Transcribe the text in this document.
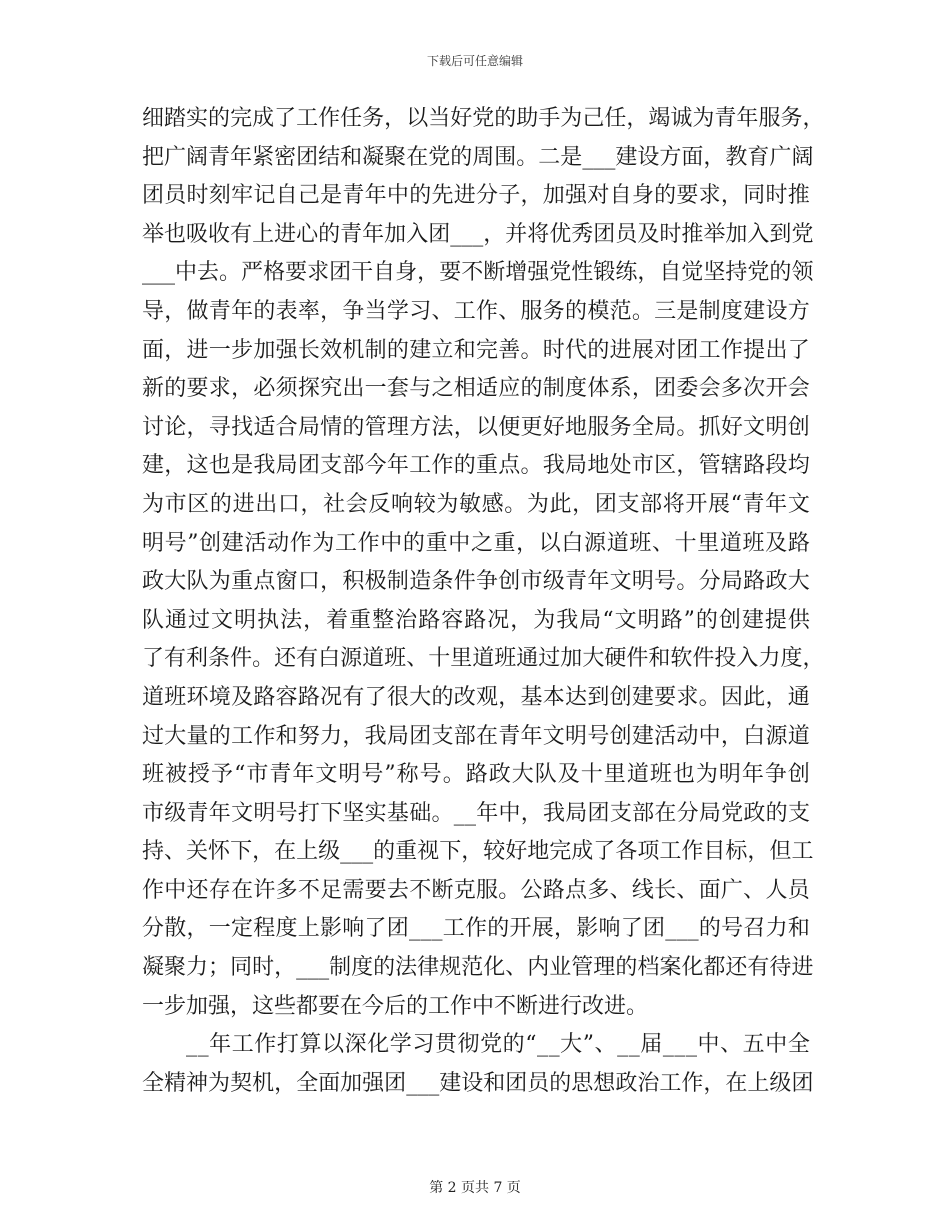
下载后可任意编辑
细 踏 实 的 完 成 了 工 作 任 务 ， 以 当 好 党 的 助 手 为 己 任 ， 竭 诚 为 青 年 服 务 ，
把 广 阔 青 年 紧 密 团 结 和 凝 聚 在 党 的 周 围 。 二 是 _ _ _ 建 设 方 面 ， 教 育 广 阔
团 员 时 刻 牢 记 自 己 是 青 年 中 的 先 进 分 子 ， 加 强 对 自 身 的 要 求 ， 同 时 推
举 也 吸 收 有 上 进 心 的 青 年 加 入 团 _ _ _ ， 并 将 优 秀 团 员 及 时 推 举 加 入 到 党
_ _ _ 中 去 。 严 格 要 求 团 干 自 身 ， 要 不 断 增 强 党 性 锻 练 ， 自 觉 坚 持 党 的 领
导 ， 做 青 年 的 表 率 ， 争 当 学 习 、 工 作 、 服 务 的 模 范 。 三 是 制 度 建 设 方
面 ， 进 一 步 加 强 长 效 机 制 的 建 立 和 完 善 。 时 代 的 进 展 对 团 工 作 提 出 了
新 的 要 求 ， 必 须 探 究 出 一 套 与 之 相 适 应 的 制 度 体 系 ， 团 委 会 多 次 开 会
讨 论 ， 寻 找 适 合 局 情 的 管 理 方 法 ， 以 便 更 好 地 服 务 全 局 。 抓 好 文 明 创
建 ， 这 也 是 我 局 团 支 部 今 年 工 作 的 重 点 。 我 局 地 处 市 区 ， 管 辖 路 段 均
为 市 区 的 进 出 口 ， 社 会 反 响 较 为 敏 感 。 为 此 ， 团 支 部 将 开 展 “ 青 年 文
明 号 ” 创 建 活 动 作 为 工 作 中 的 重 中 之 重 ， 以 白 源 道 班 、 十 里 道 班 及 路
政 大 队 为 重 点 窗 口 ， 积 极 制 造 条 件 争 创 市 级 青 年 文 明 号 。 分 局 路 政 大
队 通 过 文 明 执 法 ， 着 重 整 治 路 容 路 况 ， 为 我 局 “ 文 明 路 ” 的 创 建 提 供
了 有 利 条 件 。 还 有 白 源 道 班 、 十 里 道 班 通 过 加 大 硬 件 和 软 件 投 入 力 度 ，
道 班 环 境 及 路 容 路 况 有 了 很 大 的 改 观 ， 基 本 达 到 创 建 要 求 。 因 此 ， 通
过 大 量 的 工 作 和 努 力 ， 我 局 团 支 部 在 青 年 文 明 号 创 建 活 动 中 ， 白 源 道
班 被 授 予 “ 市 青 年 文 明 号 ” 称 号 。 路 政 大 队 及 十 里 道 班 也 为 明 年 争 创
市 级 青 年 文 明 号 打 下 坚 实 基 础 。 _ _ 年 中 ， 我 局 团 支 部 在 分 局 党 政 的 支
持 、 关 怀 下 ， 在 上 级 _ _ _ 的 重 视 下 ， 较 好 地 完 成 了 各 项 工 作 目 标 ， 但 工
作 中 还 存 在 许 多 不 足 需 要 去 不 断 克 服 。 公 路 点 多 、 线 长 、 面 广 、 人 员
分 散 ， 一 定 程 度 上 影 响 了 团 _ _ _ 工 作 的 开 展 ， 影 响 了 团 _ _ _ 的 号 召 力 和
凝 聚 力 ； 同 时 ， _ _ _ 制 度 的 法 律 规 范 化 、 内 业 管 理 的 档 案 化 都 还 有 待 进
一步加强，这些都要在今后的工作中不断进行改进。
_ _ 年 工 作 打 算 以 深 化 学 习 贯 彻 党 的 “ _ _ 大 ” 、 _ _ 届 _ _ _ 中 、 五 中 全
全 精 神 为 契 机 ， 全 面 加 强 团 _ _ _ 建 设 和 团 员 的 思 想 政 治 工 作 ， 在 上 级 团
第 2 页共 7 页
